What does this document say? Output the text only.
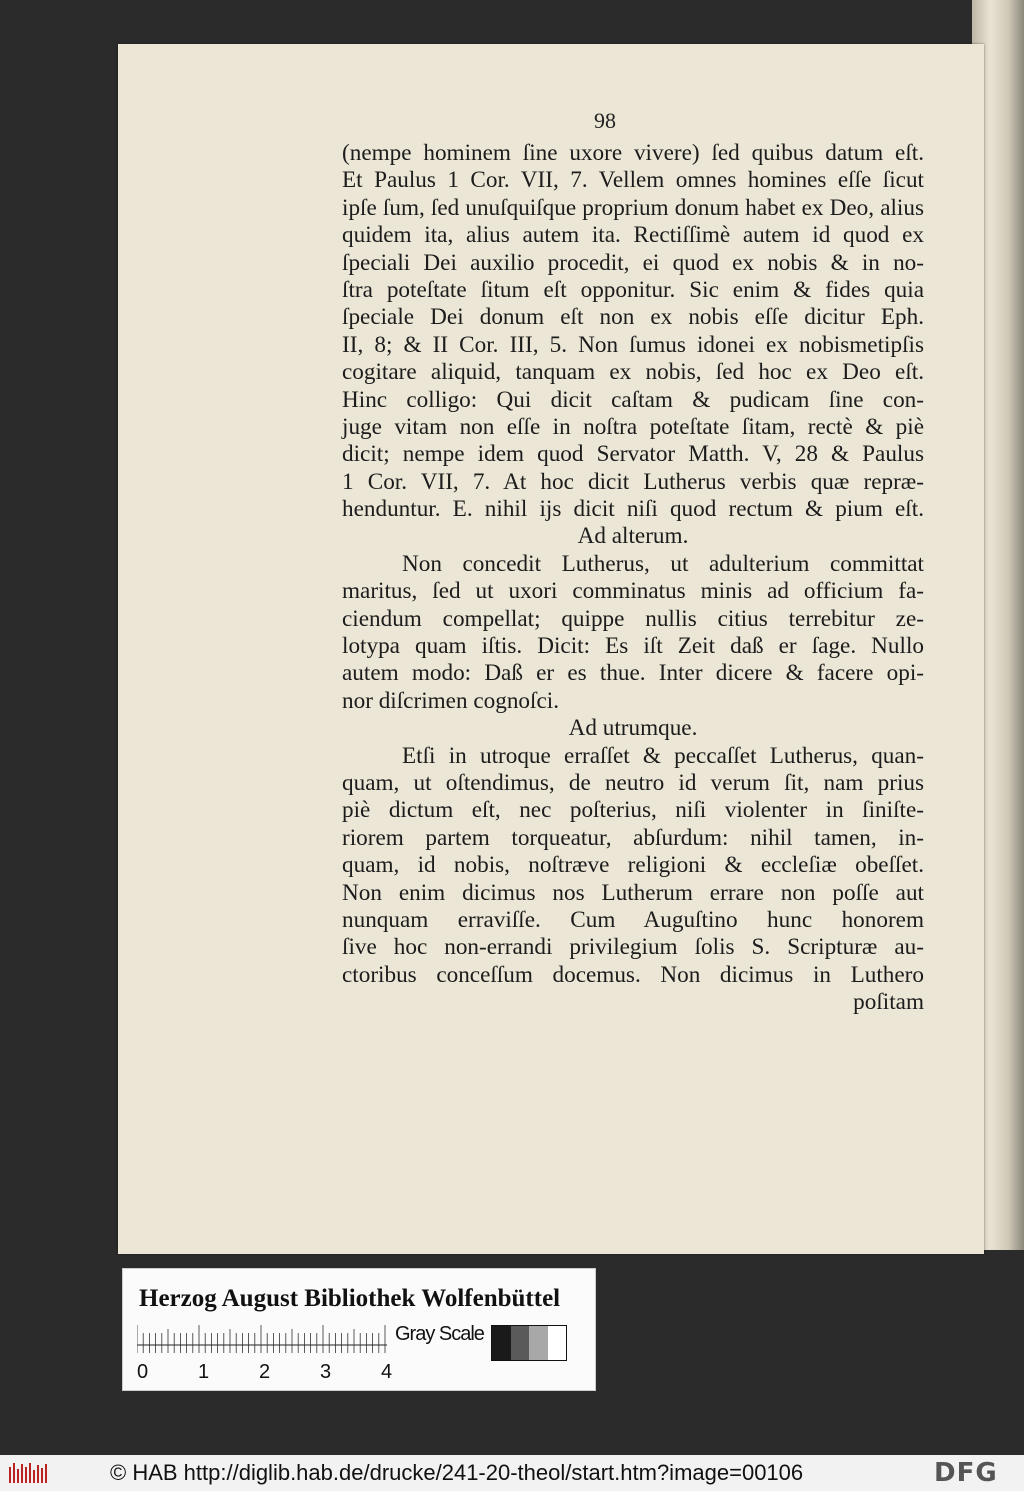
98
(nempe hominem ſine uxore vivere) ſed quibus datum eſt.
Et Paulus 1 Cor. VII, 7. Vellem omnes homines eſſe ſicut
ipſe ſum, ſed unuſquiſque proprium donum habet ex Deo, alius
quidem ita, alius autem ita. Rectiſſimè autem id quod ex
ſpeciali Dei auxilio procedit, ei quod ex nobis & in no-
ſtra poteſtate ſitum eſt opponitur. Sic enim & fides quia
ſpeciale Dei donum eſt non ex nobis eſſe dicitur Eph.
II, 8; & II Cor. III, 5. Non ſumus idonei ex nobismetipſis
cogitare aliquid, tanquam ex nobis, ſed hoc ex Deo eſt.
Hinc colligo: Qui dicit caſtam & pudicam ſine con-
juge vitam non eſſe in noſtra poteſtate ſitam, rectè & piè
dicit; nempe idem quod Servator Matth. V, 28 & Paulus
1 Cor. VII, 7. At hoc dicit Lutherus verbis quæ repræ-
henduntur. E. nihil ijs dicit niſi quod rectum & pium eſt.
Ad alterum.
Non concedit Lutherus, ut adulterium committat
maritus, ſed ut uxori comminatus minis ad officium fa-
ciendum compellat; quippe nullis citius terrebitur ze-
lotypa quam iſtis. Dicit: Es iſt Zeit daß er ſage. Nullo
autem modo: Daß er es thue. Inter dicere & facere opi-
nor diſcrimen cognoſci.
Ad utrumque.
Etſi in utroque erraſſet & peccaſſet Lutherus, quan-
quam, ut oſtendimus, de neutro id verum ſit, nam prius
piè dictum eſt, nec poſterius, niſi violenter in ſiniſte-
riorem partem torqueatur, abſurdum: nihil tamen, in-
quam, id nobis, noſtræve religioni & eccleſiæ obeſſet.
Non enim dicimus nos Lutherum errare non poſſe aut
nunquam erraviſſe. Cum Auguſtino hunc honorem
ſive hoc non-errandi privilegium ſolis S. Scripturæ au-
ctoribus conceſſum docemus. Non dicimus in Luthero
poſitam
Herzog August Bibliothek Wolfenbüttel
0 1 2 3 4
Gray Scale
© HAB http://diglib.hab.de/drucke/241-20-theol/start.htm?image=00106	DFG
